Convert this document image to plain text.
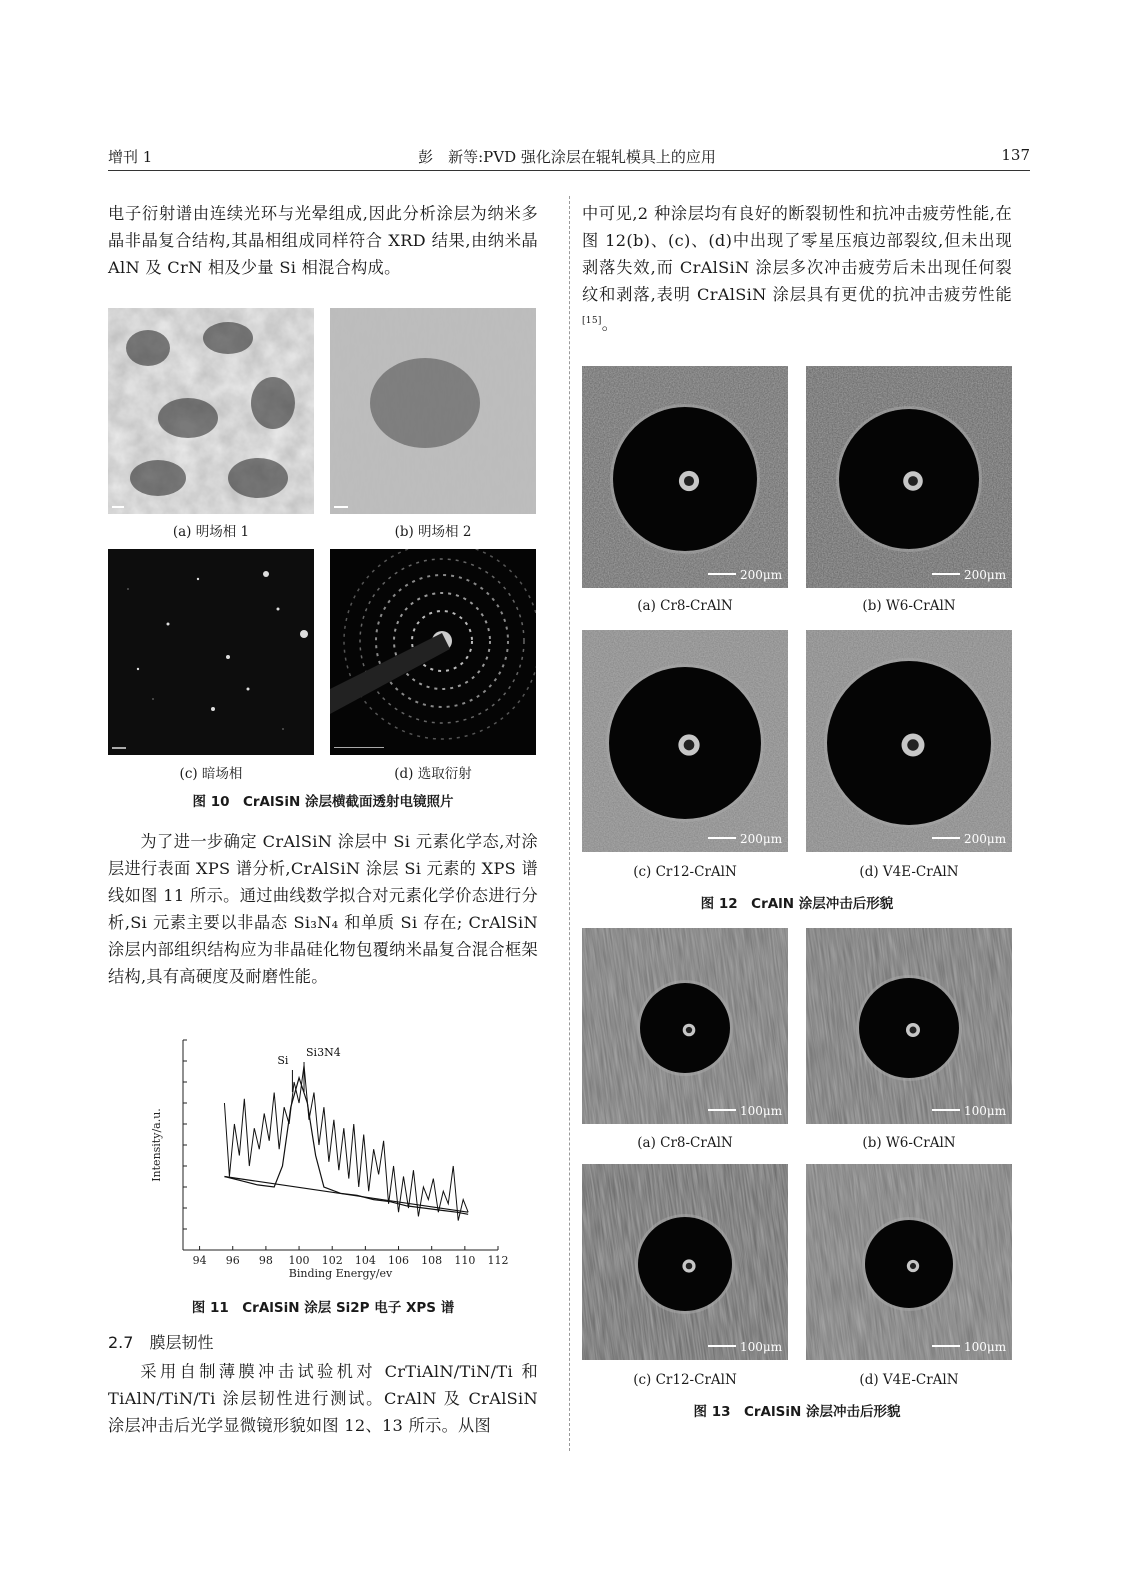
增刊 1	彭　新等:PVD 强化涂层在辊轧模具上的应用	137

电子衍射谱由连续光环与光晕组成,因此分析涂层为纳米多晶非晶复合结构,其晶相组成同样符合 XRD 结果,由纳米晶 AlN 及 CrN 相及少量 Si 相混合构成。

(a) 明场相 1	(b) 明场相 2
(c) 暗场相	(d) 选取衍射
图 10　CrAlSiN 涂层横截面透射电镜照片

为了进一步确定 CrAlSiN 涂层中 Si 元素化学态,对涂层进行表面 XPS 谱分析,CrAlSiN 涂层 Si 元素的 XPS 谱线如图 11 所示。通过曲线数学拟合对元素化学价态进行分析,Si 元素主要以非晶态 Si₃N₄ 和单质 Si 存在; CrAlSiN 涂层内部组织结构应为非晶硅化物包覆纳米晶复合混合框架结构,具有高硬度及耐磨性能。

94 96 98 100 102 104 106 108 110 112
Binding Energy/ev
Intensity/a.u.
Si
Si3N4
图 11　CrAlSiN 涂层 Si2P 电子 XPS 谱
2.7　膜层韧性

采用自制薄膜冲击试验机对 CrTiAlN/TiN/Ti 和 TiAlN/TiN/Ti 涂层韧性进行测试。CrAlN 及 CrAlSiN 涂层冲击后光学显微镜形貌如图 12、13 所示。从图

中可见,2 种涂层均有良好的断裂韧性和抗冲击疲劳性能,在图 12(b)、(c)、(d)中出现了零星压痕边部裂纹,但未出现剥落失效,而 CrAlSiN 涂层多次冲击疲劳后未出现任何裂纹和剥落,表明 CrAlSiN 涂层具有更优的抗冲击疲劳性能[15]。

200μm	200μm
(a) Cr8-CrAlN	(b) W6-CrAlN
200μm	200μm
(c) Cr12-CrAlN	(d) V4E-CrAlN
图 12　CrAlN 涂层冲击后形貌
100μm	100μm
(a) Cr8-CrAlN	(b) W6-CrAlN
100μm	100μm
(c) Cr12-CrAlN	(d) V4E-CrAlN
图 13　CrAlSiN 涂层冲击后形貌
